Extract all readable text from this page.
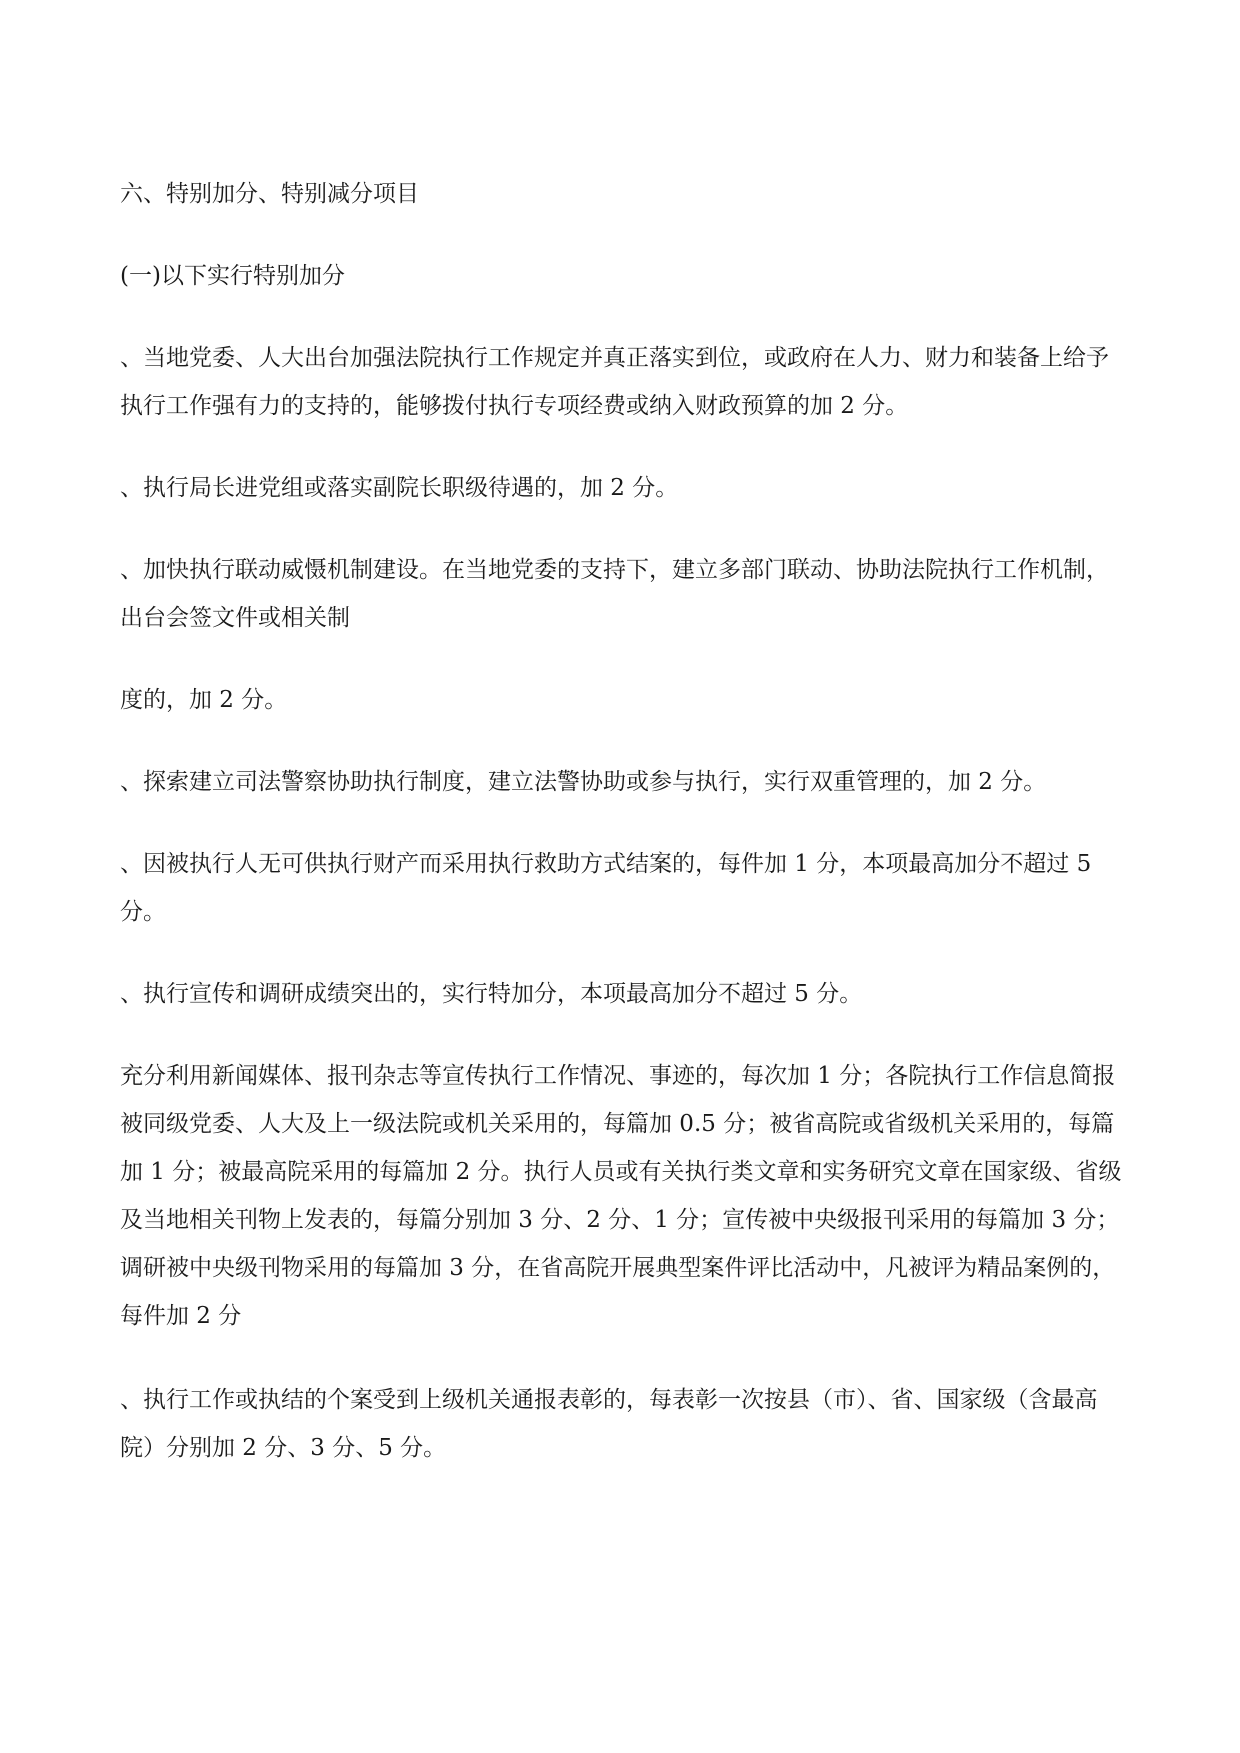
六、特别加分、特别减分项目

(一)以下实行特别加分

、当地党委、人大出台加强法院执行工作规定并真正落实到位，或政府在人力、财力和装备上给予执行工作强有力的支持的，能够拨付执行专项经费或纳入财政预算的加 2 分。

、执行局长进党组或落实副院长职级待遇的，加 2 分。

、加快执行联动威慑机制建设。在当地党委的支持下，建立多部门联动、协助法院执行工作机制，出台会签文件或相关制

度的，加 2 分。

、探索建立司法警察协助执行制度，建立法警协助或参与执行，实行双重管理的，加 2 分。

、因被执行人无可供执行财产而采用执行救助方式结案的，每件加 1 分，本项最高加分不超过 5 分。

、执行宣传和调研成绩突出的，实行特加分，本项最高加分不超过 5 分。

充分利用新闻媒体、报刊杂志等宣传执行工作情况、事迹的，每次加 1 分；各院执行工作信息简报被同级党委、人大及上一级法院或机关采用的，每篇加 0.5 分；被省高院或省级机关采用的，每篇加 1 分；被最高院采用的每篇加 2 分。执行人员或有关执行类文章和实务研究文章在国家级、省级及当地相关刊物上发表的，每篇分别加 3 分、2 分、1 分；宣传被中央级报刊采用的每篇加 3 分；调研被中央级刊物采用的每篇加 3 分，在省高院开展典型案件评比活动中，凡被评为精品案例的，每件加 2 分

、执行工作或执结的个案受到上级机关通报表彰的，每表彰一次按县（市）、省、国家级（含最高院）分别加 2 分、3 分、5 分。
